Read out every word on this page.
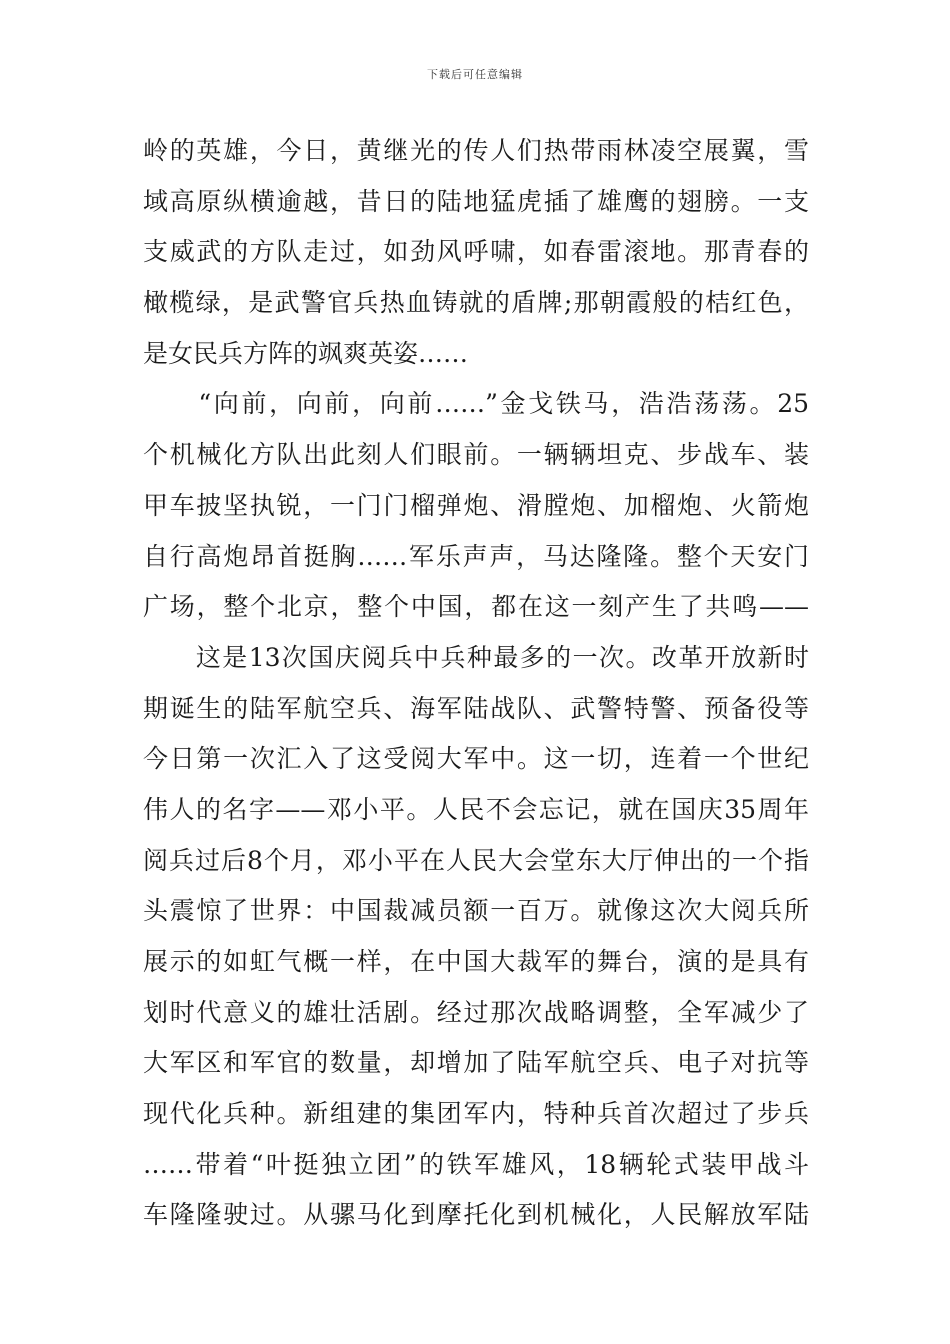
下载后可任意编辑
岭的英雄，今日，黄继光的传人们热带雨林凌空展翼，雪
域高原纵横逾越，昔日的陆地猛虎插了雄鹰的翅膀。一支
支威武的方队走过，如劲风呼啸，如春雷滚地。那青春的
橄榄绿，是武警官兵热血铸就的盾牌;那朝霞般的桔红色，
是女民兵方阵的飒爽英姿……
　　“向前，向前，向前……”金戈铁马，浩浩荡荡。25
个机械化方队出此刻人们眼前。一辆辆坦克、步战车、装
甲车披坚执锐，一门门榴弹炮、滑膛炮、加榴炮、火箭炮
自行高炮昂首挺胸……军乐声声，马达隆隆。整个天安门
广场，整个北京，整个中国，都在这一刻产生了共鸣——
　　这是13次国庆阅兵中兵种最多的一次。改革开放新时
期诞生的陆军航空兵、海军陆战队、武警特警、预备役等
今日第一次汇入了这受阅大军中。这一切，连着一个世纪
伟人的名字——邓小平。人民不会忘记，就在国庆35周年
阅兵过后8个月，邓小平在人民大会堂东大厅伸出的一个指
头震惊了世界：中国裁减员额一百万。就像这次大阅兵所
展示的如虹气概一样，在中国大裁军的舞台，演的是具有
划时代意义的雄壮活剧。经过那次战略调整，全军减少了
大军区和军官的数量，却增加了陆军航空兵、电子对抗等
现代化兵种。新组建的集团军内，特种兵首次超过了步兵
……带着“叶挺独立团”的铁军雄风，18辆轮式装甲战斗
车隆隆驶过。从骡马化到摩托化到机械化，人民解放军陆
